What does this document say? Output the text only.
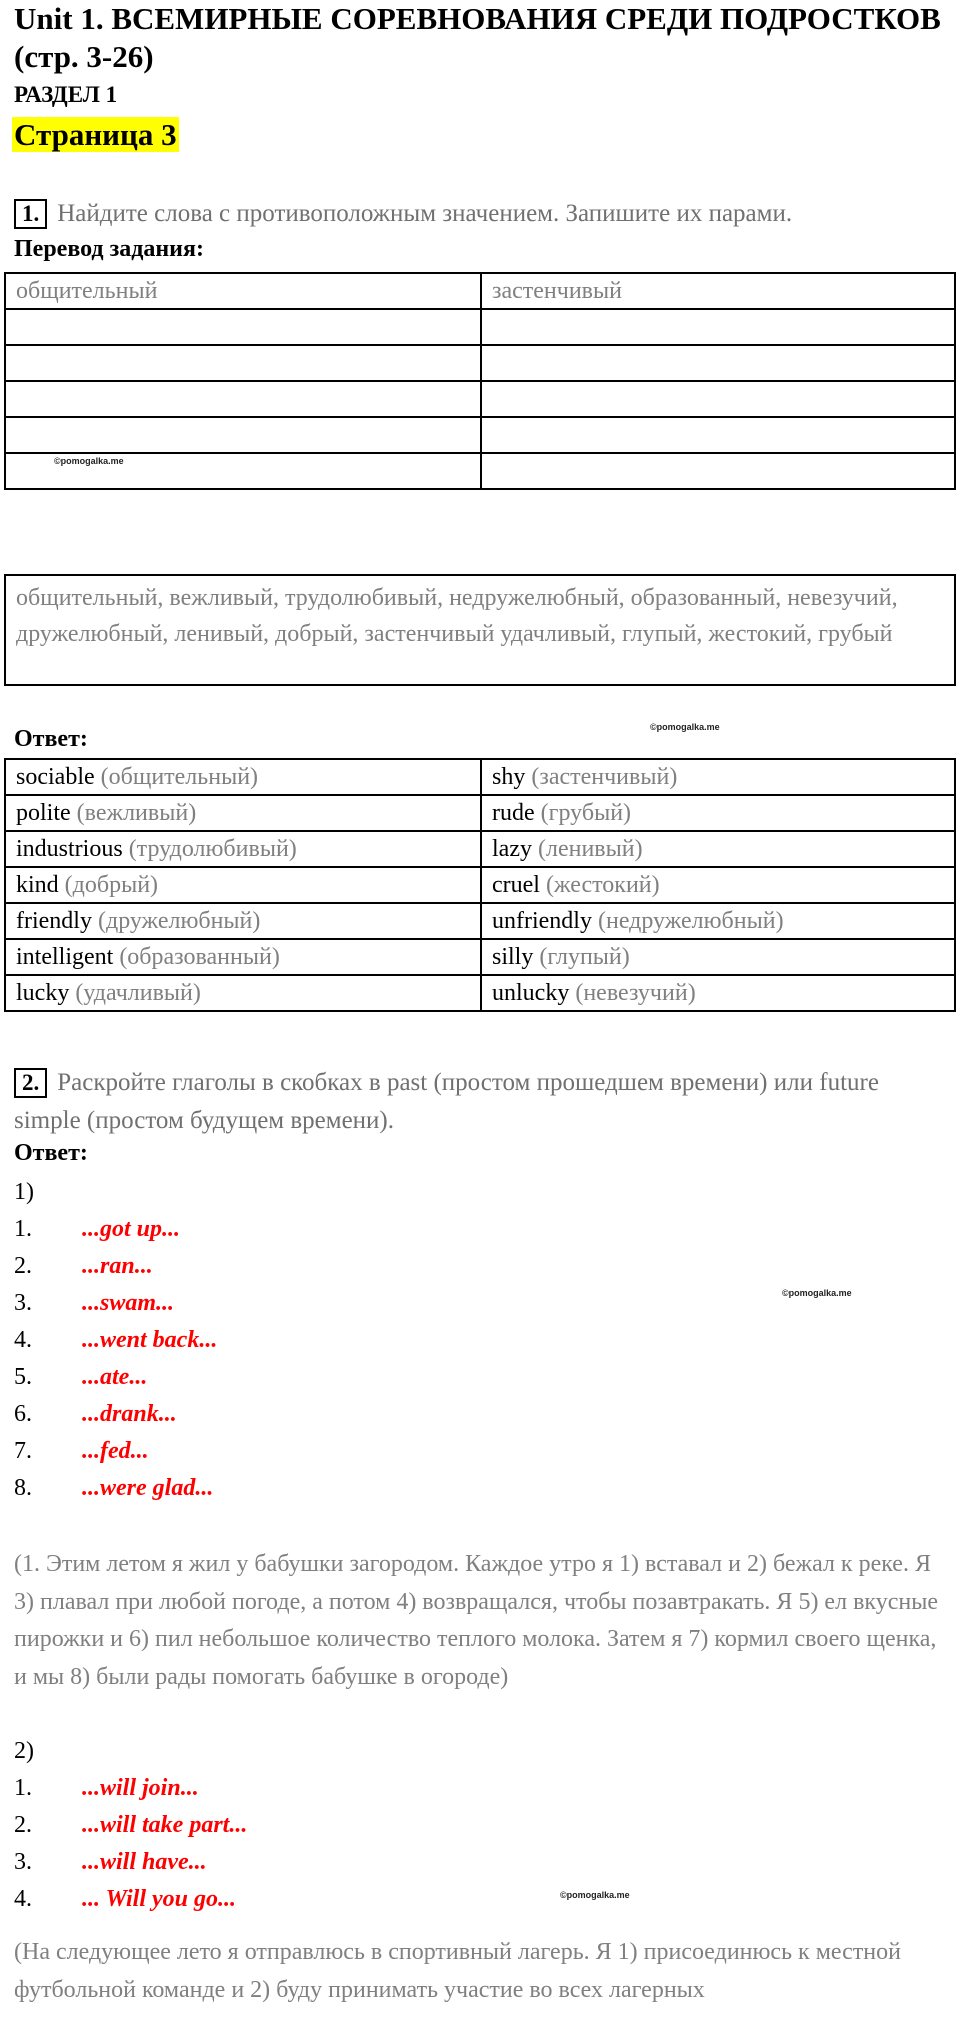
Unit 1. ВСЕМИРНЫЕ СОРЕВНОВАНИЯ СРЕДИ ПОДРОСТКОВ (стр. 3-26)
РАЗДЕЛ 1
Страница 3
1. Найдите слова с противоположным значением. Запишите их парами.
Перевод задания:
общительный	застенчивый

©pomogalka.me	

общительный, вежливый, трудолюбивый, недружелюбный, образованный, невезучий, дружелюбный, ленивый, добрый, застенчивый удачливый, глупый, жестокий, грубый
Ответ:	©pomogalka.me
sociable (общительный)	shy (застенчивый)
polite (вежливый)	rude (грубый)
industrious (трудолюбивый)	lazy (ленивый)
kind (добрый)	cruel (жестокий)
friendly (дружелюбный)	unfriendly (недружелюбный)
intelligent (образованный)	silly (глупый)
lucky (удачливый)	unlucky (невезучий)
2. Раскройте глаголы в скобках в past (простом прошедшем времени) или future simple (простом будущем времени).
Ответ:
1)
1. ...got up...
2. ...ran...
3. ...swam...
4. ...went back...
5. ...ate...
6. ...drank...
7. ...fed...
8. ...were glad...
©pomogalka.me
(1. Этим летом я жил у бабушки загородом. Каждое утро я 1) вставал и 2) бежал к реке. Я 3) плавал при любой погоде, а потом 4) возвращался, чтобы позавтракать. Я 5) ел вкусные пирожки и 6) пил небольшое количество теплого молока. Затем я 7) кормил своего щенка, и мы 8) были рады помогать бабушке в огороде)
2)
1. ...will join...
2. ...will take part...
3. ...will have...
4. ... Will you go...	©pomogalka.me
(На следующее лето я отправлюсь в спортивный лагерь. Я 1) присоединюсь к местной футбольной команде и 2) буду принимать участие во всех лагерных
